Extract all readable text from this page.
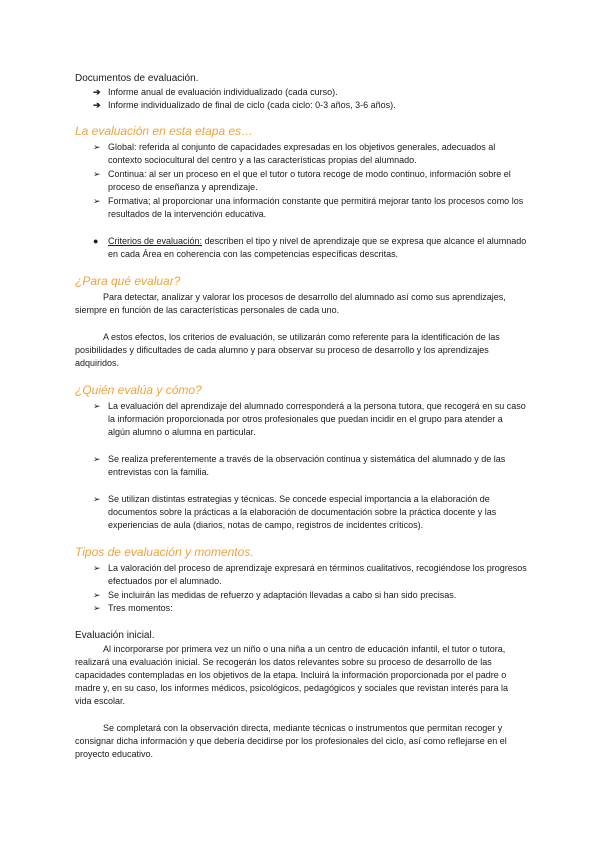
Documentos de evaluación.
➔ Informe anual de evaluación individualizado (cada curso).
➔ Informe individualizado de final de ciclo (cada ciclo: 0-3 años, 3-6 años).
La evaluación en esta etapa es…
➢ Global: referida al conjunto de capacidades expresadas en los objetivos generales, adecuados al contexto sociocultural del centro y a las características propias del alumnado.
➢ Continua: al ser un proceso en el que el tutor o tutora recoge de modo continuo, información sobre el proceso de enseñanza y aprendizaje.
➢ Formativa; al proporcionar una información constante que permitirá mejorar tanto los procesos como los resultados de la intervención educativa.
●	Criterios de evaluación: describen el tipo y nivel de aprendizaje que se expresa que alcance el alumnado en cada Área en coherencia con las competencias específicas descritas.
¿Para qué evaluar?
Para detectar, analizar y valorar los procesos de desarrollo del alumnado así como sus aprendizajes, siempre en función de las características personales de cada uno.
A estos efectos, los criterios de evaluación, se utilizarán como referente para la identificación de las posibilidades y dificultades de cada alumno y para observar su proceso de desarrollo y los aprendizajes adquiridos.
¿Quién evalúa y cómo?
➢ La evaluación del aprendizaje del alumnado corresponderá a la persona tutora, que recogerá en su caso la información proporcionada por otros profesionales que puedan incidir en el grupo para atender a algún alumno o alumna en particular.
➢ Se realiza preferentemente a través de la observación continua y sistemática del alumnado y de las entrevistas con la familia.
➢ Se utilizan distintas estrategias y técnicas. Se concede especial importancia a la elaboración de documentos sobre la prácticas a la elaboración de documentación sobre la práctica docente y las experiencias de aula (diarios, notas de campo, registros de incidentes críticos).
Tipos de evaluación y momentos.
➢ La valoración del proceso de aprendizaje expresará en términos cualitativos, recogiéndose los progresos efectuados por el alumnado.
➢ Se incluirán las medidas de refuerzo y adaptación llevadas a cabo si han sido precisas.
➢ Tres momentos:
Evaluación inicial.
Al incorporarse por primera vez un niño o una niña a un centro de educación infantil, el tutor o tutora, realizará una evaluación inicial. Se recogerán los datos relevantes sobre su proceso de desarrollo de las capacidades contempladas en los objetivos de la etapa. Incluirá la información proporcionada por el padre o madre y, en su caso, los informes médicos, psicológicos, pedagógicos y sociales que revistan interés para la vida escolar.
Se completará con la observación directa, mediante técnicas o instrumentos que permitan recoger y consignar dicha información y que debería decidirse por los profesionales del ciclo, así como reflejarse en el proyecto educativo.
